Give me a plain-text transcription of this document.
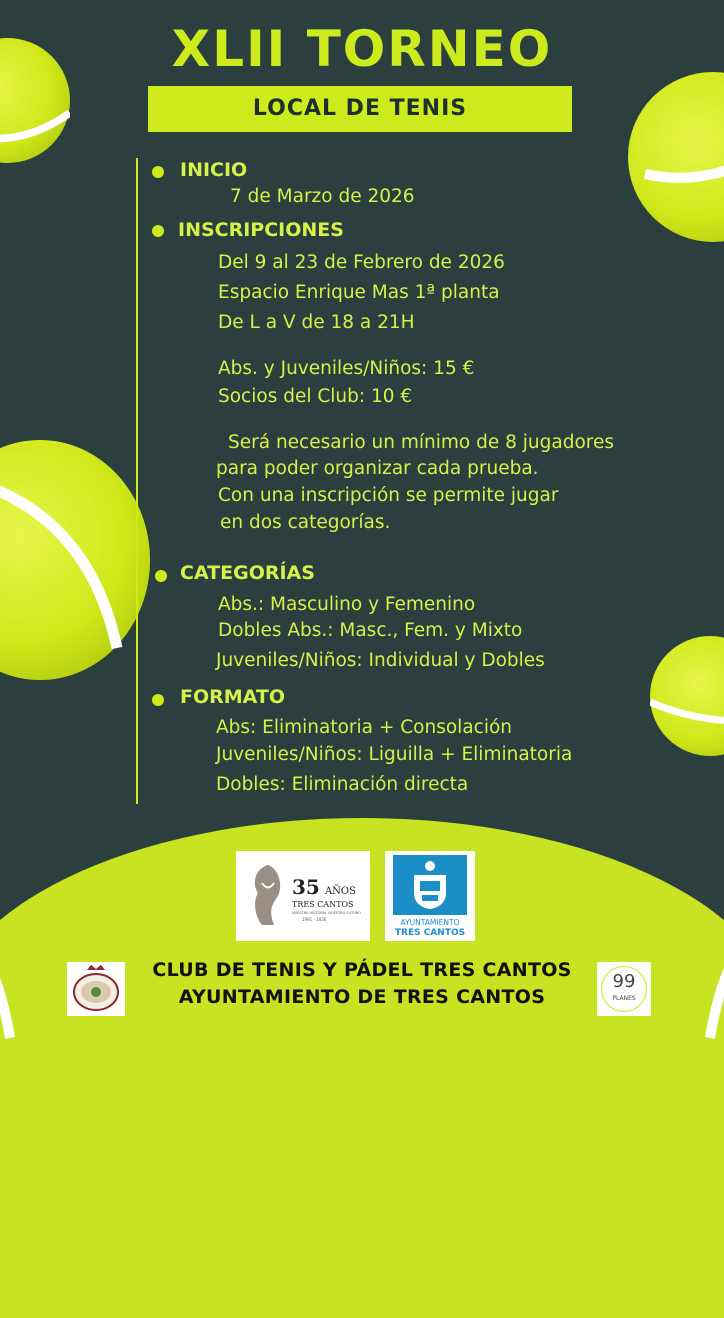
XLII TORNEO
LOCAL DE TENIS
INICIO
7 de Marzo de 2026
INSCRIPCIONES
Del 9 al 23 de Febrero de 2026
Espacio Enrique Mas 1ª planta
De L a V de 18 a 21H
Abs. y Juveniles/Niños: 15 €
Socios del Club: 10 €
Será necesario un mínimo de 8 jugadores
para poder organizar cada prueba.
Con una inscripción se permite jugar
en dos categorías.
CATEGORÍAS
Abs.: Masculino y Femenino
Dobles Abs.: Masc., Fem. y Mixto
Juveniles/Niños: Individual y Dobles
FORMATO
Abs: Eliminatoria + Consolación
Juveniles/Niños: Liguilla + Eliminatoria
Dobles: Eliminación directa
35 AÑOS
TRES CANTOS
NUESTRA HISTORIA, NUESTRO FUTURO
1991 - 2026	AYUNTAMIENTO
TRES CANTOS
99
PLANES
CLUB DE TENIS Y PÁDEL TRES CANTOS
AYUNTAMIENTO DE TRES CANTOS
